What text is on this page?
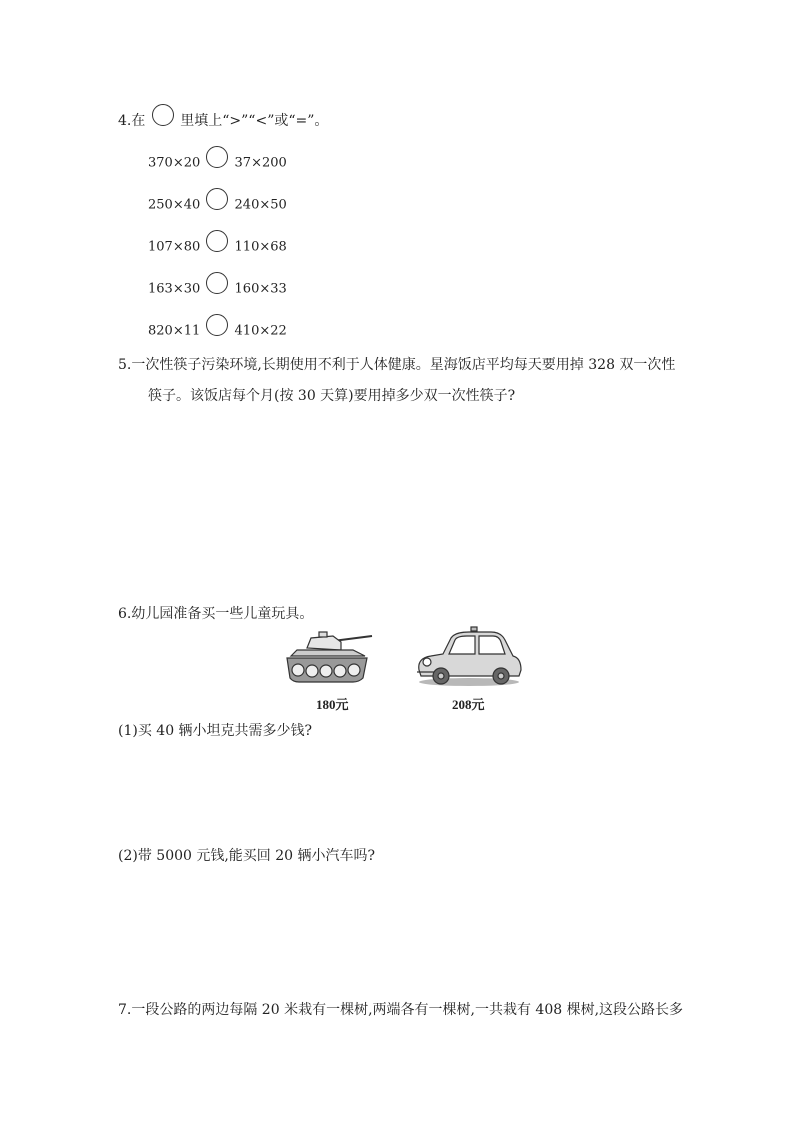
4.在 里填上“>”“<”或“=”。
370×20	37×200
250×40	240×50
107×80	110×68
163×30	160×33
820×11	410×22
5.一次性筷子污染环境,长期使用不利于人体健康。星海饭店平均每天要用掉 328 双一次性
筷子。该饭店每个月(按 30 天算)要用掉多少双一次性筷子?
6.幼儿园准备买一些儿童玩具。
180元	208元
(1)买 40 辆小坦克共需多少钱?
(2)带 5000 元钱,能买回 20 辆小汽车吗?
7.一段公路的两边每隔 20 米栽有一棵树,两端各有一棵树,一共栽有 408 棵树,这段公路长多
